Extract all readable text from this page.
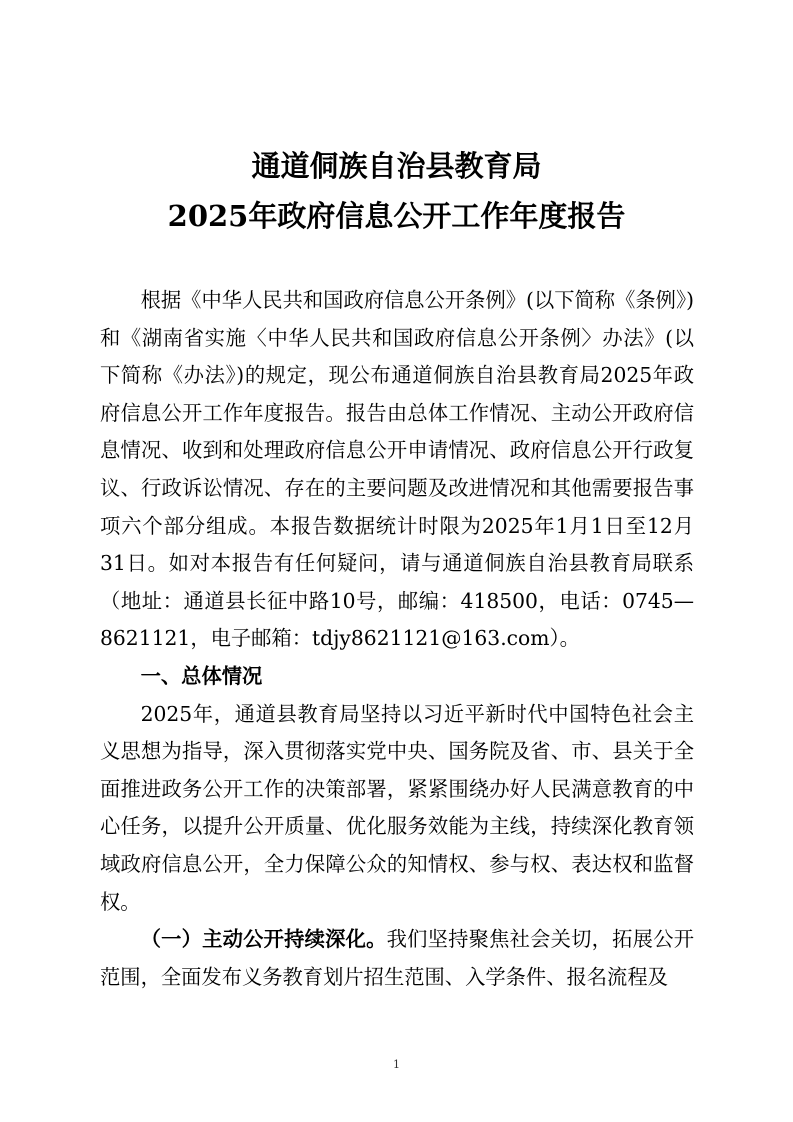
通道侗族自治县教育局
2025年政府信息公开工作年度报告

根据《中华人民共和国政府信息公开条例》(以下简称《条例》)和《湖南省实施〈中华人民共和国政府信息公开条例〉办法》(以下简称《办法》)的规定，现公布通道侗族自治县教育局2025年政府信息公开工作年度报告。报告由总体工作情况、主动公开政府信息情况、收到和处理政府信息公开申请情况、政府信息公开行政复议、行政诉讼情况、存在的主要问题及改进情况和其他需要报告事项六个部分组成。本报告数据统计时限为2025年1月1日至12月31日。如对本报告有任何疑问，请与通道侗族自治县教育局联系（地址：通道县长征中路10号，邮编：418500，电话：0745—8621121，电子邮箱：tdjy8621121@163.com）。

一、总体情况

2025年，通道县教育局坚持以习近平新时代中国特色社会主义思想为指导，深入贯彻落实党中央、国务院及省、市、县关于全面推进政务公开工作的决策部署，紧紧围绕办好人民满意教育的中心任务，以提升公开质量、优化服务效能为主线，持续深化教育领域政府信息公开，全力保障公众的知情权、参与权、表达权和监督权。

（一）主动公开持续深化。我们坚持聚焦社会关切，拓展公开范围，全面发布义务教育划片招生范围、入学条件、报名流程及

1
